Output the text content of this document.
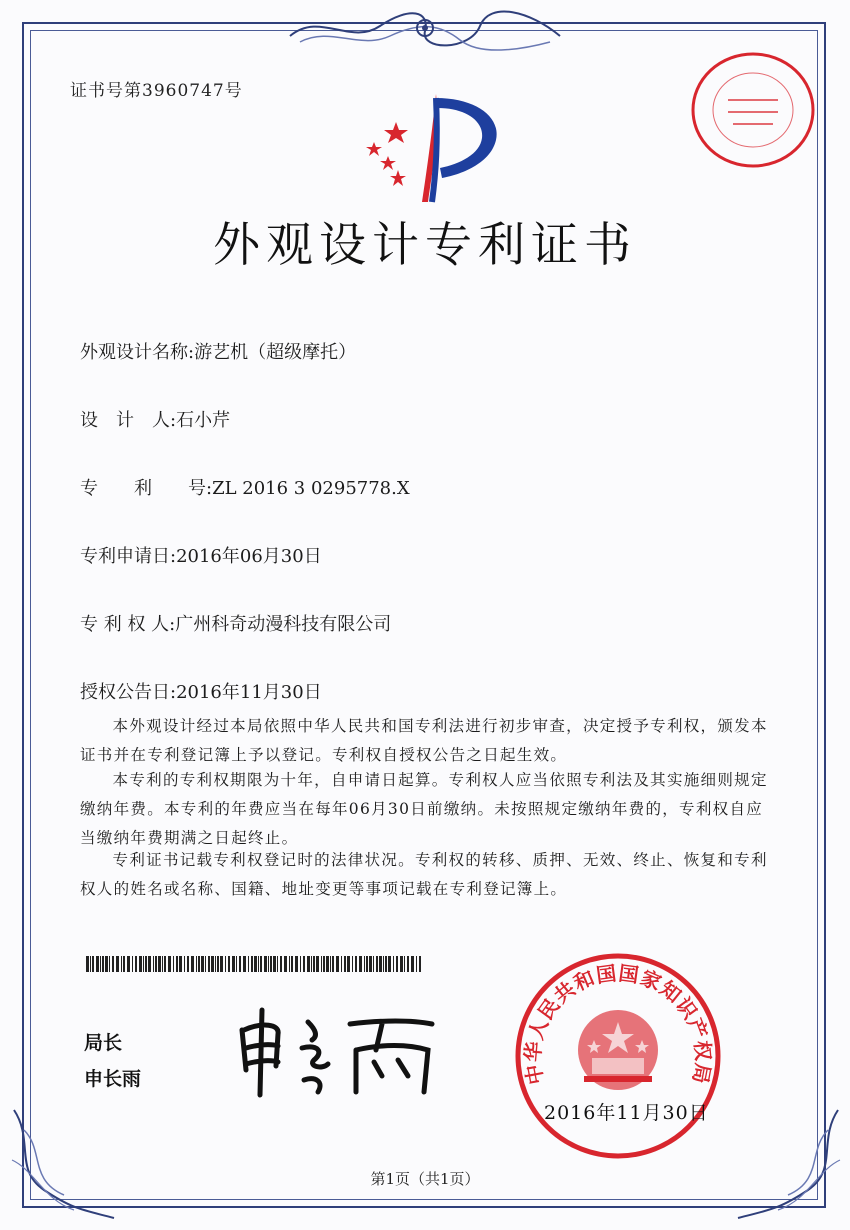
证书号第3960747号
外观设计专利证书
外观设计名称:游艺机（超级摩托）
设　计　人:石小芹
专　　利　　号:ZL 2016 3 0295778.X
专利申请日:2016年06月30日
专 利 权 人:广州科奇动漫科技有限公司
授权公告日:2016年11月30日

本外观设计经过本局依照中华人民共和国专利法进行初步审查，决定授予专利权，颁发本证书并在专利登记簿上予以登记。专利权自授权公告之日起生效。

本专利的专利权期限为十年，自申请日起算。专利权人应当依照专利法及其实施细则规定缴纳年费。本专利的年费应当在每年06月30日前缴纳。未按照规定缴纳年费的，专利权自应当缴纳年费期满之日起终止。

专利证书记载专利权登记时的法律状况。专利权的转移、质押、无效、终止、恢复和专利权人的姓名或名称、国籍、地址变更等事项记载在专利登记簿上。

局长
申长雨	中华人民共和国国家知识产权局
2016年11月30日
第1页（共1页）
